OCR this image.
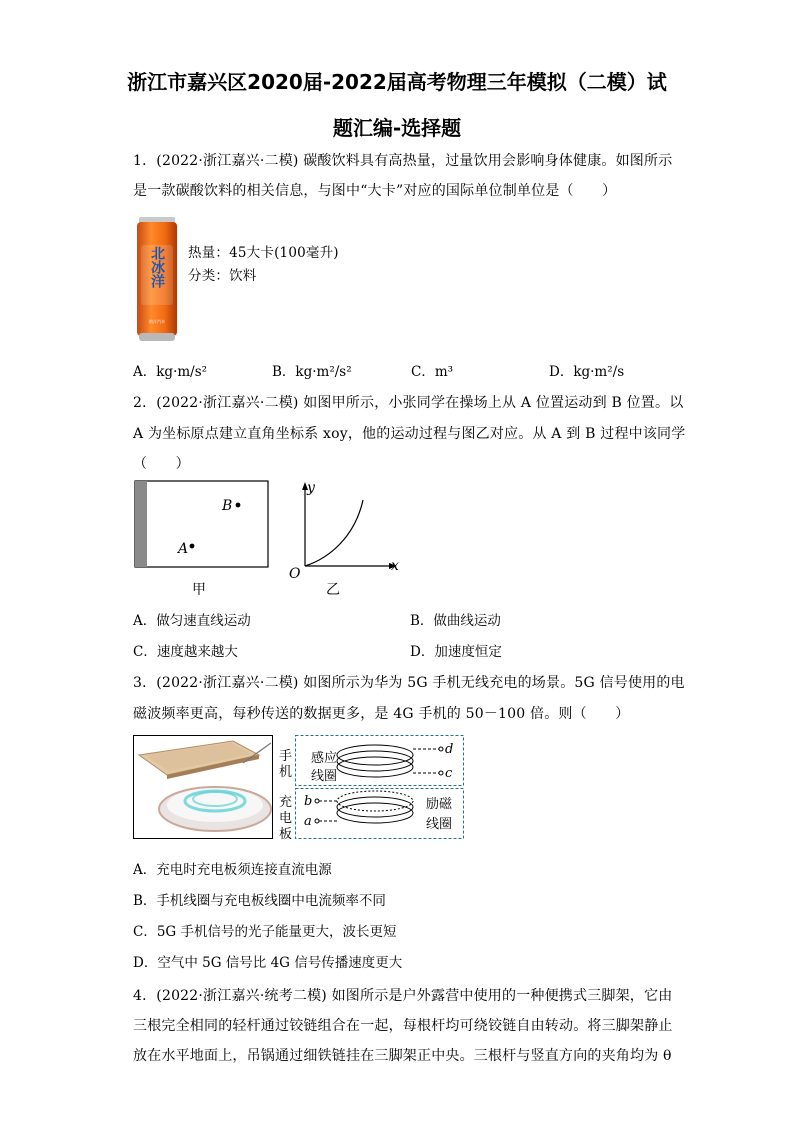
浙江市嘉兴区2020届-2022届高考物理三年模拟（二模）试
题汇编-选择题
1．(2022·浙江嘉兴·二模) 碳酸饮料具有高热量，过量饮用会影响身体健康。如图所示
是一款碳酸饮料的相关信息，与图中“大卡”对应的国际单位制单位是（　　）
北冰洋
桔汁汽水
热量：45大卡(100毫升)
分类：饮料
A．kg·m/s²	B．kg·m²/s²	C．m³	D．kg·m²/s
2．(2022·浙江嘉兴·二模) 如图甲所示，小张同学在操场上从 A 位置运动到 B 位置。以
A 为坐标原点建立直角坐标系 xoy，他的运动过程与图乙对应。从 A 到 B 过程中该同学
（　　）
B
A
甲
y
x
O
乙
A．做匀速直线运动	B．做曲线运动
C．速度越来越大	D．加速度恒定
3．(2022·浙江嘉兴·二模) 如图所示为华为 5G 手机无线充电的场景。5G 信号使用的电
磁波频率更高，每秒传送的数据更多，是 4G 手机的 50－100 倍。则（　　）
手
机
充
电
板
d
c
b
a
感应
线圈
励磁
线圈
A．充电时充电板须连接直流电源
B．手机线圈与充电板线圈中电流频率不同
C．5G 手机信号的光子能量更大，波长更短
D．空气中 5G 信号比 4G 信号传播速度更大
4．(2022·浙江嘉兴·统考二模) 如图所示是户外露营中使用的一种便携式三脚架，它由
三根完全相同的轻杆通过铰链组合在一起，每根杆均可绕铰链自由转动。将三脚架静止
放在水平地面上，吊锅通过细铁链挂在三脚架正中央。三根杆与竖直方向的夹角均为 θ
